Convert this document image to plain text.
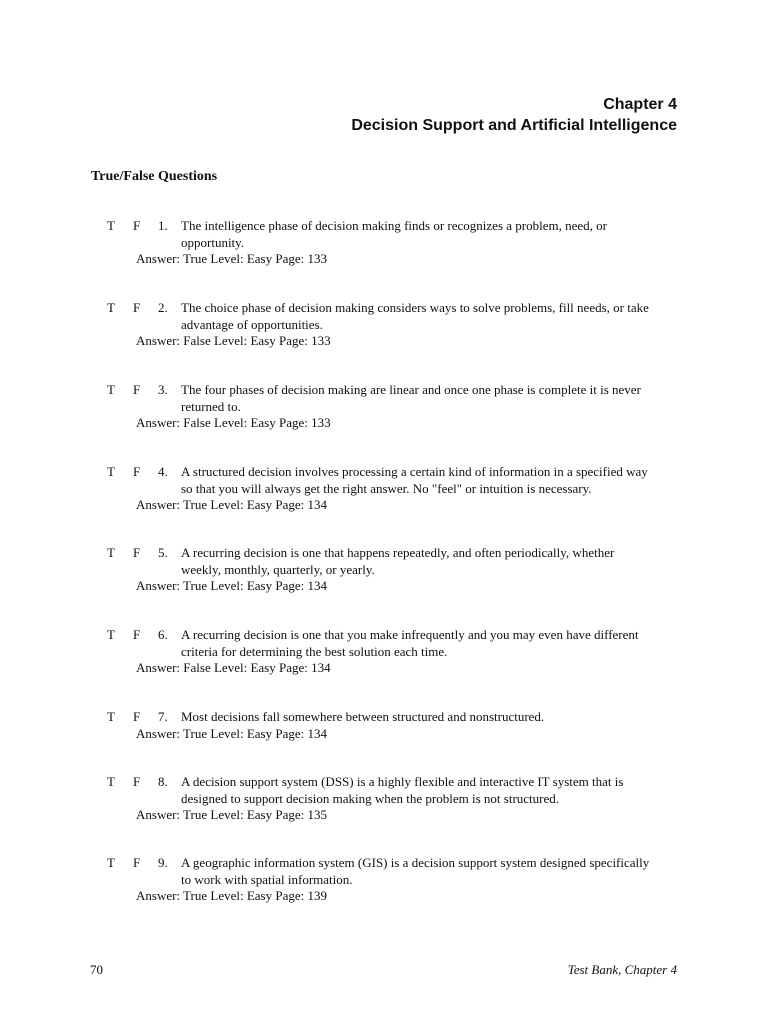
Chapter 4
Decision Support and Artificial Intelligence
True/False Questions
T F 1. The intelligence phase of decision making finds or recognizes a problem, need, or
opportunity.
Answer: True Level: Easy Page: 133
T F 2. The choice phase of decision making considers ways to solve problems, fill needs, or take
advantage of opportunities.
Answer: False Level: Easy Page: 133
T F 3. The four phases of decision making are linear and once one phase is complete it is never
returned to.
Answer: False Level: Easy Page: 133
T F 4. A structured decision involves processing a certain kind of information in a specified way
so that you will always get the right answer. No "feel" or intuition is necessary.
Answer: True Level: Easy Page: 134
T F 5. A recurring decision is one that happens repeatedly, and often periodically, whether
weekly, monthly, quarterly, or yearly.
Answer: True Level: Easy Page: 134
T F 6. A recurring decision is one that you make infrequently and you may even have different
criteria for determining the best solution each time.
Answer: False Level: Easy Page: 134
T F 7. Most decisions fall somewhere between structured and nonstructured.
Answer: True Level: Easy Page: 134
T F 8. A decision support system (DSS) is a highly flexible and interactive IT system that is
designed to support decision making when the problem is not structured.
Answer: True Level: Easy Page: 135
T F 9. A geographic information system (GIS) is a decision support system designed specifically
to work with spatial information.
Answer: True Level: Easy Page: 139
70	Test Bank, Chapter 4
